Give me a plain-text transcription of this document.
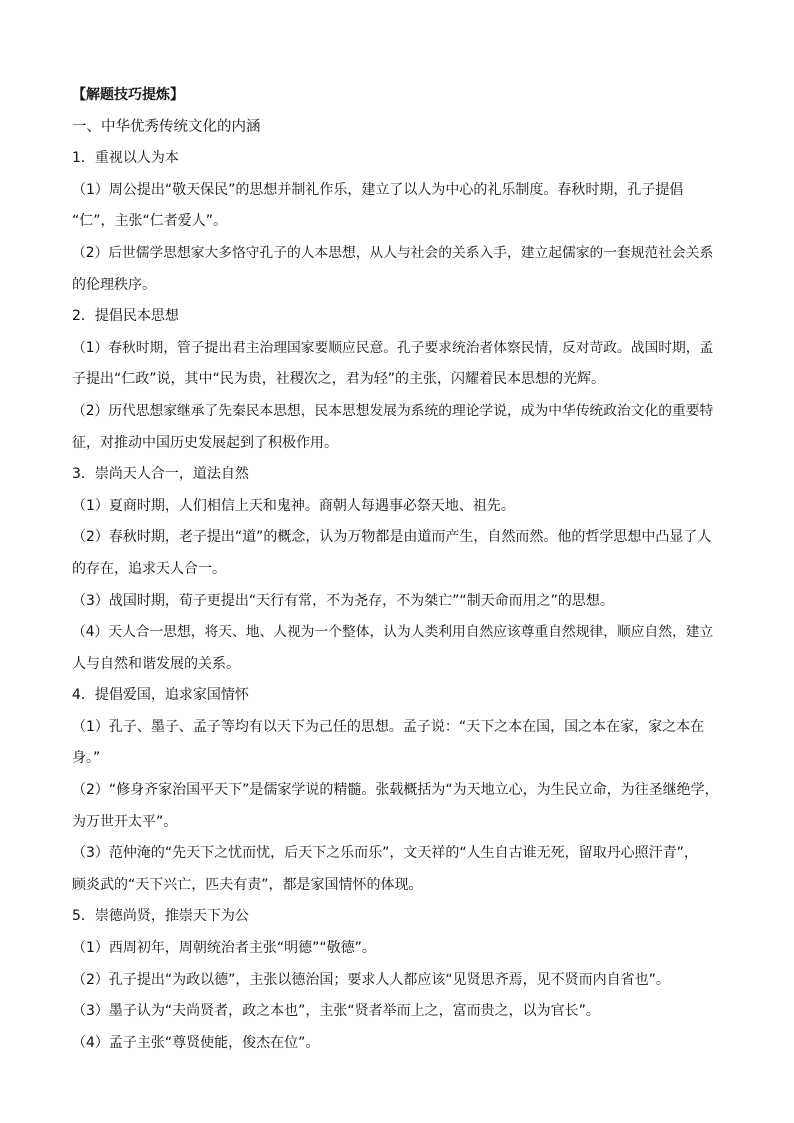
【解题技巧提炼】

一、中华优秀传统文化的内涵

1．重视以人为本

（1）周公提出“敬天保民”的思想并制礼作乐，建立了以人为中心的礼乐制度。春秋时期，孔子提倡

“仁”，主张“仁者爱人”。

（2）后世儒学思想家大多恪守孔子的人本思想，从人与社会的关系入手，建立起儒家的一套规范社会关系

的伦理秩序。

2．提倡民本思想

（1）春秋时期，管子提出君主治理国家要顺应民意。孔子要求统治者体察民情，反对苛政。战国时期，孟

子提出“仁政”说，其中“民为贵，社稷次之，君为轻”的主张，闪耀着民本思想的光辉。

（2）历代思想家继承了先秦民本思想，民本思想发展为系统的理论学说，成为中华传统政治文化的重要特

征，对推动中国历史发展起到了积极作用。

3．崇尚天人合一，道法自然

（1）夏商时期，人们相信上天和鬼神。商朝人每遇事必祭天地、祖先。

（2）春秋时期，老子提出“道”的概念，认为万物都是由道而产生，自然而然。他的哲学思想中凸显了人

的存在，追求天人合一。

（3）战国时期，荀子更提出“天行有常，不为尧存，不为桀亡”“制天命而用之”的思想。

（4）天人合一思想，将天、地、人视为一个整体，认为人类利用自然应该尊重自然规律，顺应自然，建立

人与自然和谐发展的关系。

4．提倡爱国，追求家国情怀

（1）孔子、墨子、孟子等均有以天下为己任的思想。孟子说：“天下之本在国，国之本在家，家之本在

身。”

（2）“修身齐家治国平天下”是儒家学说的精髓。张载概括为“为天地立心，为生民立命，为往圣继绝学，

为万世开太平”。

（3）范仲淹的“先天下之忧而忧，后天下之乐而乐”，文天祥的“人生自古谁无死，留取丹心照汗青”，

顾炎武的“天下兴亡，匹夫有责”，都是家国情怀的体现。

5．崇德尚贤，推崇天下为公

（1）西周初年，周朝统治者主张“明德”“敬德”。

（2）孔子提出“为政以德”，主张以德治国；要求人人都应该“见贤思齐焉，见不贤而内自省也”。

（3）墨子认为“夫尚贤者，政之本也”，主张“贤者举而上之，富而贵之，以为官长”。

（4）孟子主张“尊贤使能，俊杰在位”。
